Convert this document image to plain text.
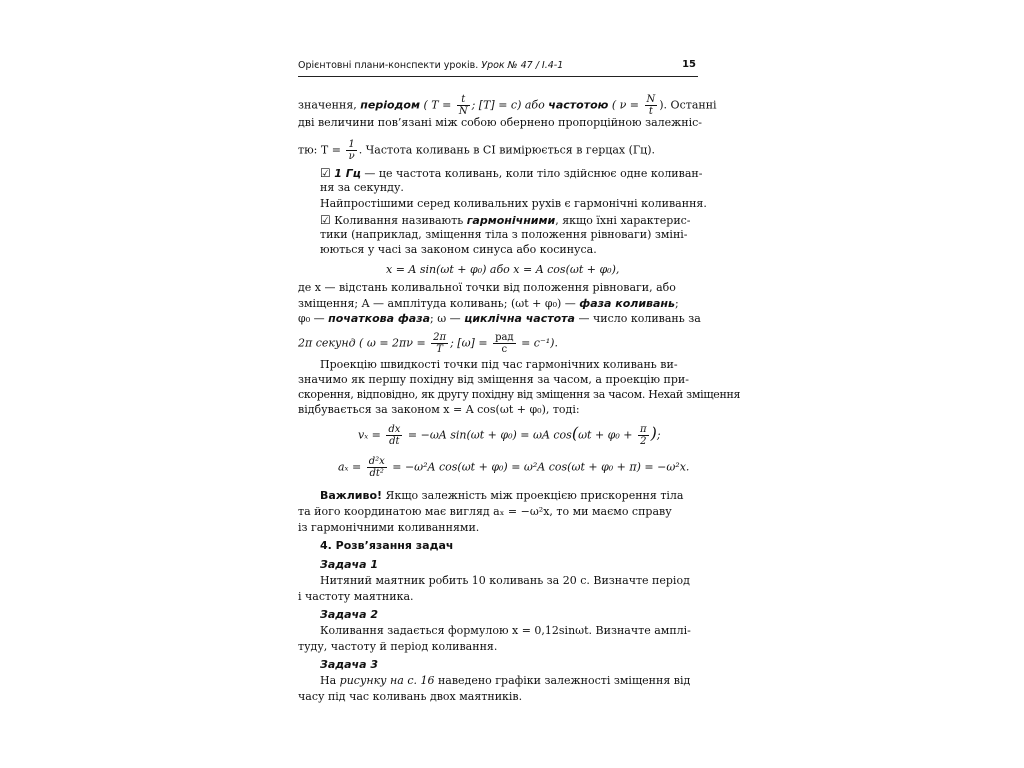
Орієнтовні плани-конспекти уроків. Урок № 47 / І.4-1	15
значення, періодом ( $T = \frac{t}{N}$ ; [T] = c) або частотою ( $\nu = \frac{N}{t}$ ). Останні
дві величини пов’язані між собою обернено пропорційною залежніс-
тю: $T = \frac{1}{\nu}$ . Частота коливань в СІ вимірюється в герцах (Гц).
☑ 1 Гц — це частота коливань, коли тіло здійснює одне коливан-
ня за секунду.
Найпростішими серед коливальних рухів є гармонічні коливання.
☑ Коливання називають гармонічними, якщо їхні характерис-
тики (наприклад, зміщення тіла з положення рівноваги) змінi-
юються у часі за законом синуса або косинуса.
x = A sin(ωt + φ₀) або x = A cos(ωt + φ₀),
де x — відстань коливальної точки від положення рівноваги, або
зміщення; A — амплітуда коливань; (ωt + φ₀) — фаза коливань;
φ₀ — початкова фаза; ω — циклічна частота — число коливань за
2π секунд ( $\omega = 2\pi\nu = \frac{2\pi}{T}$ ; $[\omega] = \frac{\text{рад}}{с} = c^{-1}$).
Проекцію швидкості точки під час гармонічних коливань ви-
значимо як першу похідну від зміщення за часом, а проекцію при-
скорення, відповідно, як другу похідну від зміщення за часом. Нехай зміщення
відбувається за законом x = A cos(ωt + φ₀), тоді:
$v_x = \frac{dx}{dt} = -\omega A$ sin(ωt + φ₀) = ωA $\cos(\omega t + \varphi_0 + \frac{\pi}{2}$ );
$a_x = \frac{\text{d²x}}{\text{dt²}} = -\omega^2A$ cos(ωt + φ₀) = ω²A cos(ωt + φ₀ + π) = −ω²x.
Важливо! Якщо залежність між проекцією прискорення тіла
та його координатою має вигляд aₓ = −ω²x, то ми маємо справу
із гармонічними коливаннями.
4. Розв’язання задач
Задача 1
Нитяний маятник робить 10 коливань за 20 с. Визначте період
і частоту маятника.
Задача 2
Коливання задається формулою x = 0,12sinωt. Визначте амплі-
туду, частоту й період коливання.
Задача 3
На рисунку на с. 16 наведено графіки залежності зміщення від
часу під час коливань двох маятників.
